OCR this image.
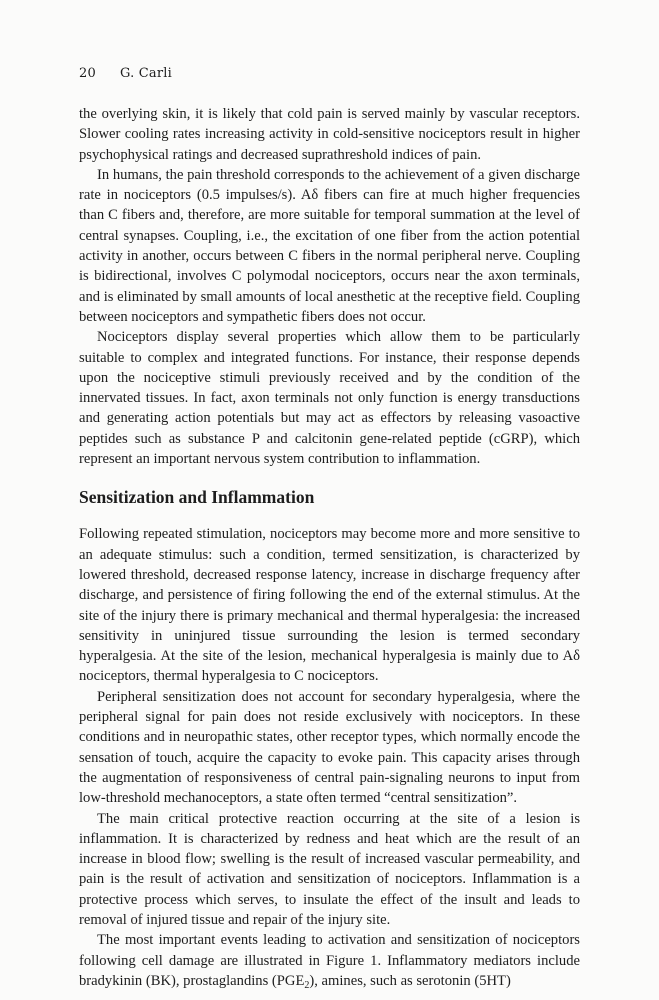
20 G. Carli

the overlying skin, it is likely that cold pain is served mainly by vascular receptors. Slower cooling rates increasing activity in cold-sensitive nociceptors result in higher psychophysical ratings and decreased suprathreshold indices of pain.

In humans, the pain threshold corresponds to the achievement of a given discharge rate in nociceptors (0.5 impulses/s). Aδ fibers can fire at much higher frequencies than C fibers and, therefore, are more suitable for temporal summation at the level of central synapses. Coupling, i.e., the excitation of one fiber from the action potential activity in another, occurs between C fibers in the normal peripheral nerve. Coupling is bidirectional, involves C polymodal nociceptors, occurs near the axon terminals, and is eliminated by small amounts of local anesthetic at the receptive field. Coupling between nociceptors and sympathetic fibers does not occur.

Nociceptors display several properties which allow them to be particularly suitable to complex and integrated functions. For instance, their response depends upon the nociceptive stimuli previously received and by the condition of the innervated tissues. In fact, axon terminals not only function is energy transductions and generating action potentials but may act as effectors by releasing vasoactive peptides such as substance P and calcitonin gene-related peptide (cGRP), which represent an important nervous system contribution to inflammation.

Sensitization and Inflammation

Following repeated stimulation, nociceptors may become more and more sensitive to an adequate stimulus: such a condition, termed sensitization, is characterized by lowered threshold, decreased response latency, increase in discharge frequency after discharge, and persistence of firing following the end of the external stimulus. At the site of the injury there is primary mechanical and thermal hyperalgesia: the increased sensitivity in uninjured tissue surrounding the lesion is termed secondary hyperalgesia. At the site of the lesion, mechanical hyperalgesia is mainly due to Aδ nociceptors, thermal hyperalgesia to C nociceptors.

Peripheral sensitization does not account for secondary hyperalgesia, where the peripheral signal for pain does not reside exclusively with nociceptors. In these conditions and in neuropathic states, other receptor types, which normally encode the sensation of touch, acquire the capacity to evoke pain. This capacity arises through the augmentation of responsiveness of central pain-signaling neurons to input from low-threshold mechanoceptors, a state often termed “central sensitization”.

The main critical protective reaction occurring at the site of a lesion is inflammation. It is characterized by redness and heat which are the result of an increase in blood flow; swelling is the result of increased vascular permeability, and pain is the result of activation and sensitization of nociceptors. Inflammation is a protective process which serves, to insulate the effect of the insult and leads to removal of injured tissue and repair of the injury site.

The most important events leading to activation and sensitization of nociceptors following cell damage are illustrated in Figure 1. Inflammatory mediators include bradykinin (BK), prostaglandins $(PGE_2)$, amines, such as serotonin (5HT)
